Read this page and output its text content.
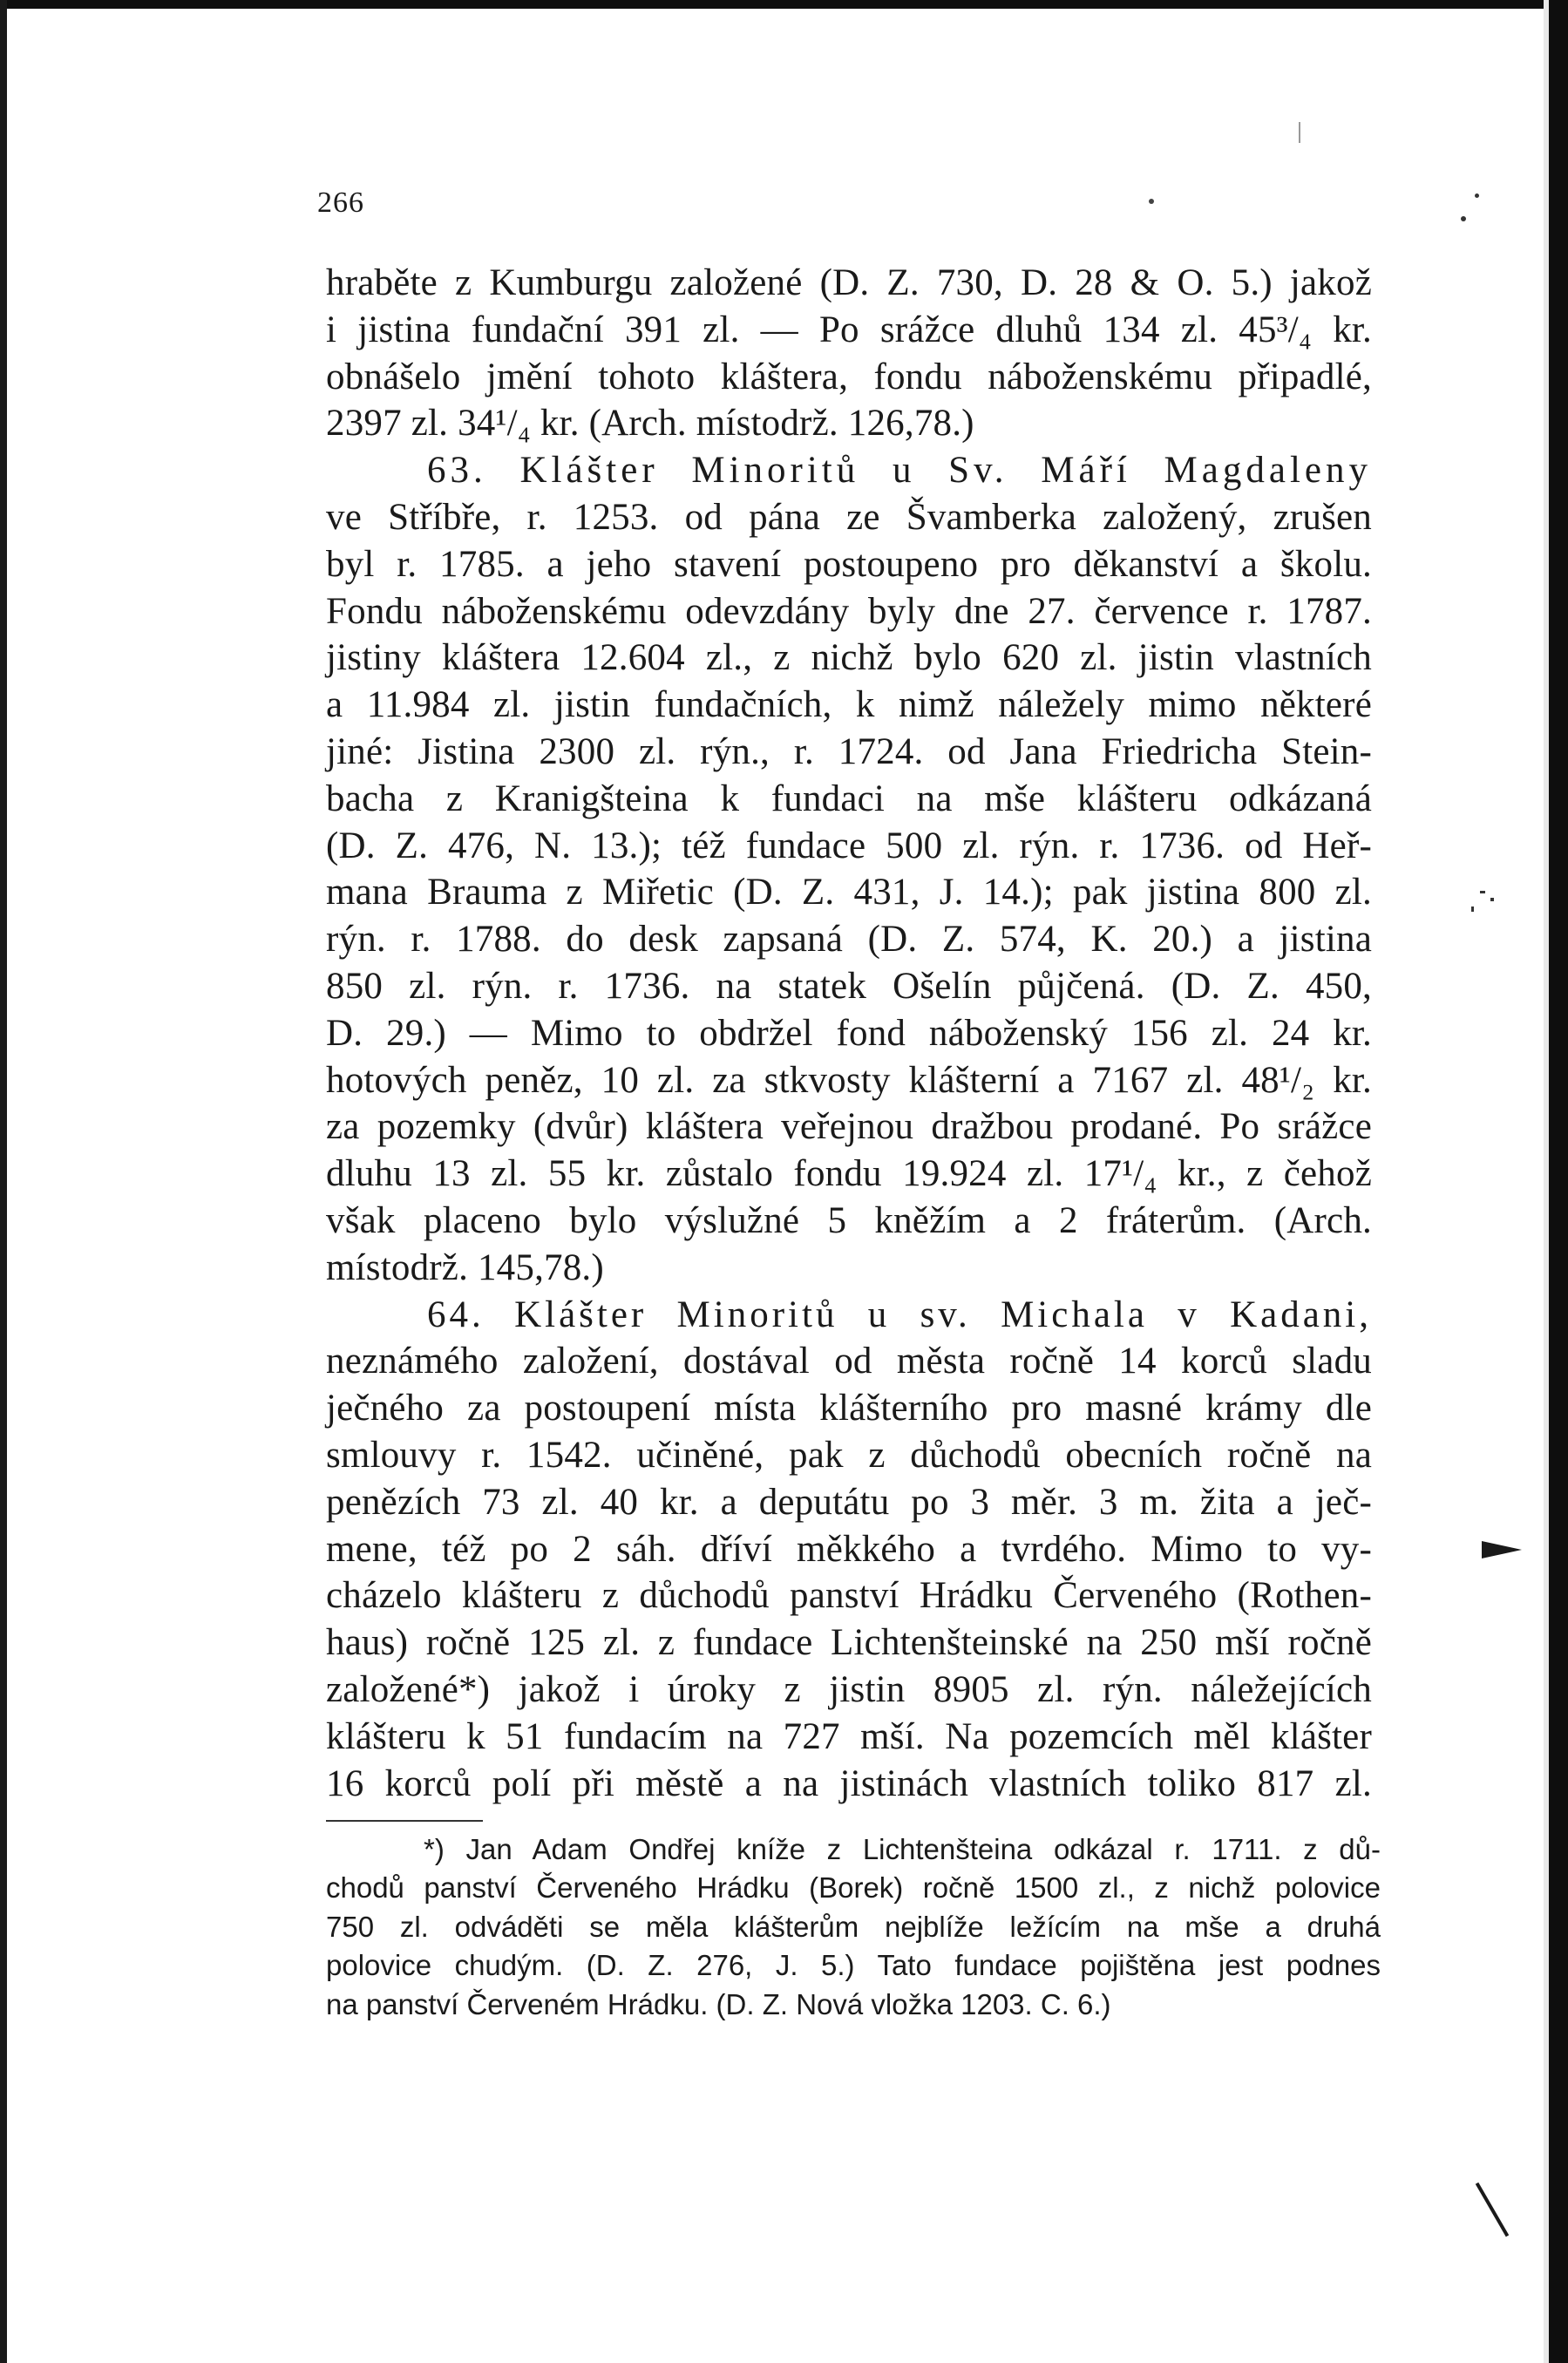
266
hraběte z Kumburgu založené (D. Z. 730, D. 28 & O. 5.) jakož
i jistina fundační 391 zl. — Po srážce dluhů 134 zl. 45³/₄ kr.
obnášelo jmění tohoto kláštera, fondu náboženskému připadlé,
2397 zl. 34¹/₄ kr. (Arch. místodrž. 126,78.)
63. Klášter Minoritů u Sv. Máří Magdaleny
ve Stříbře, r. 1253. od pána ze Švamberka založený, zrušen
byl r. 1785. a jeho stavení postoupeno pro děkanství a školu.
Fondu náboženskému odevzdány byly dne 27. července r. 1787.
jistiny kláštera 12.604 zl., z nichž bylo 620 zl. jistin vlastních
a 11.984 zl. jistin fundačních, k nimž náležely mimo některé
jiné: Jistina 2300 zl. rýn., r. 1724. od Jana Friedricha Stein-
bacha z Kranigšteina k fundaci na mše klášteru odkázaná
(D. Z. 476, N. 13.); též fundace 500 zl. rýn. r. 1736. od Heř-
mana Brauma z Miřetic (D. Z. 431, J. 14.); pak jistina 800 zl.
rýn. r. 1788. do desk zapsaná (D. Z. 574, K. 20.) a jistina
850 zl. rýn. r. 1736. na statek Ošelín půjčená. (D. Z. 450,
D. 29.) — Mimo to obdržel fond náboženský 156 zl. 24 kr.
hotových peněz, 10 zl. za stkvosty klášterní a 7167 zl. 48¹/₂ kr.
za pozemky (dvůr) kláštera veřejnou dražbou prodané. Po srážce
dluhu 13 zl. 55 kr. zůstalo fondu 19.924 zl. 17¹/₄ kr., z čehož
však placeno bylo výslužné 5 kněžím a 2 fráterům. (Arch.
místodrž. 145,78.)
64. Klášter Minoritů u sv. Michala v Kadani,
neznámého založení, dostával od města ročně 14 korců sladu
ječného za postoupení místa klášterního pro masné krámy dle
smlouvy r. 1542. učiněné, pak z důchodů obecních ročně na
penězích 73 zl. 40 kr. a deputátu po 3 měr. 3 m. žita a ječ-
mene, též po 2 sáh. dříví měkkého a tvrdého. Mimo to vy-
cházelo klášteru z důchodů panství Hrádku Červeného (Rothen-
haus) ročně 125 zl. z fundace Lichtenšteinské na 250 mší ročně
založené*) jakož i úroky z jistin 8905 zl. rýn. náležejících
klášteru k 51 fundacím na 727 mší. Na pozemcích měl klášter
16 korců polí při městě a na jistinách vlastních toliko 817 zl.
*) Jan Adam Ondřej kníže z Lichtenšteina odkázal r. 1711. z dů-
chodů panství Červeného Hrádku (Borek) ročně 1500 zl., z nichž polovice
750 zl. odváděti se měla klášterům nejblíže ležícím na mše a druhá
polovice chudým. (D. Z. 276, J. 5.) Tato fundace pojištěna jest podnes
na panství Červeném Hrádku. (D. Z. Nová vložka 1203. C. 6.)
